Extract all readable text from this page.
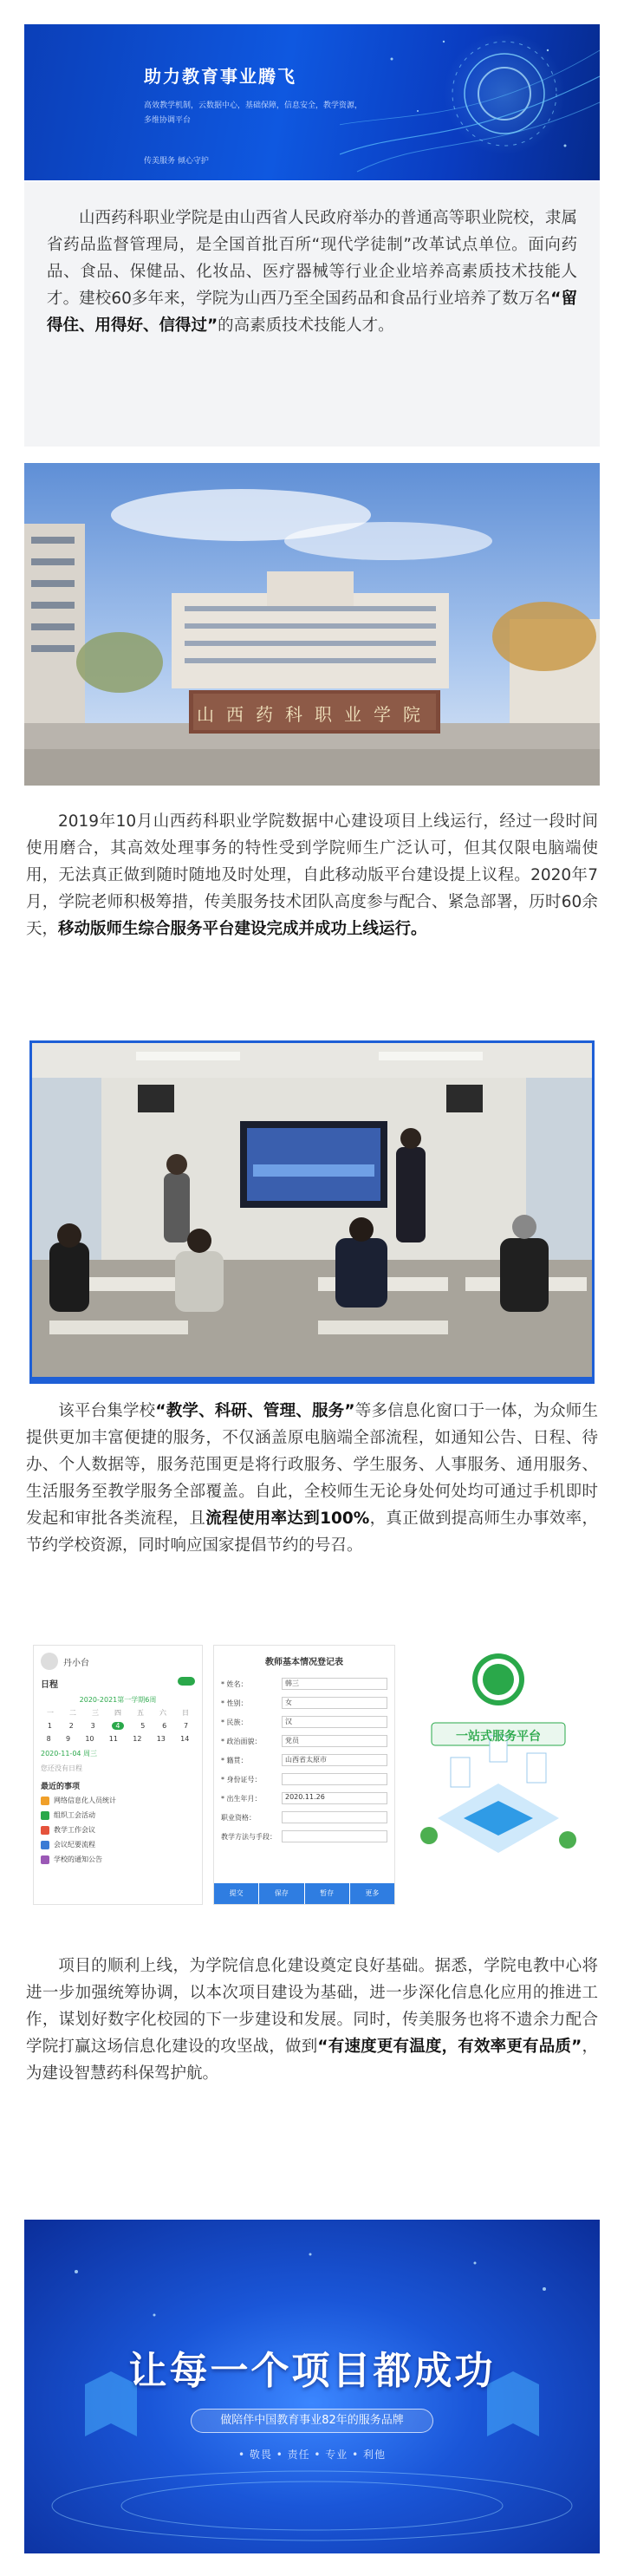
助力教育事业腾飞
高效教学机制，云数据中心，基础保障，信息安全，教学资源，多维协调平台
传美服务 倾心守护
山西药科职业学院是由山西省人民政府举办的普通高等职业院校，隶属省药品监督管理局，是全国首批百所“现代学徒制”改革试点单位。面向药品、食品、保健品、化妆品、医疗器械等行业企业培养高素质技术技能人才。建校60多年来，学院为山西乃至全国药品和食品行业培养了数万名“留得住、用得好、信得过”的高素质技术技能人才。
山西药科职业学院
2019年10月山西药科职业学院数据中心建设项目上线运行，经过一段时间使用磨合，其高效处理事务的特性受到学院师生广泛认可，但其仅限电脑端使用，无法真正做到随时随地及时处理，自此移动版平台建设提上议程。2020年7月，学院老师积极筹措，传美服务技术团队高度参与配合、紧急部署，历时60余天，移动版师生综合服务平台建设完成并成功上线运行。
该平台集学校“教学、科研、管理、服务”等多信息化窗口于一体，为众师生提供更加丰富便捷的服务，不仅涵盖原电脑端全部流程，如通知公告、日程、待办、个人数据等，服务范围更是将行政服务、学生服务、人事服务、通用服务、生活服务至教学服务全部覆盖。自此，全校师生无论身处何处均可通过手机即时发起和审批各类流程，且流程使用率达到100%，真正做到提高师生办事效率，节约学校资源，同时响应国家提倡节约的号召。
丹小台
日程
2020-2021第一学期6周
一 二 三 四 五 六 日
1 2 3	4	5 6 7
8 9 10 11 12 13 14
2020-11-04 周三
您还没有日程
最近的事项
网络信息化人员统计
组织工会活动
教学工作会议
会议纪要流程
学校的通知公告
教师基本情况登记表
* 姓名：	韩三
* 性别：	女
* 民族：	汉
* 政治面貌：	党员
* 籍贯：	山西省太原市
* 身份证号：
* 出生年月：	2020.11.26
职业资格：
教学方法与手段：
提交	保存	暂存	更多
一站式服务平台
项目的顺利上线，为学院信息化建设奠定良好基础。据悉，学院电教中心将进一步加强统筹协调，以本次项目建设为基础，进一步深化信息化应用的推进工作，谋划好数字化校园的下一步建设和发展。同时，传美服务也将不遗余力配合学院打赢这场信息化建设的攻坚战，做到“有速度更有温度，有效率更有品质”，为建设智慧药科保驾护航。
让每一个项目都成功
做陪伴中国教育事业82年的服务品牌
• 敬畏 • 责任 • 专业 • 利他
